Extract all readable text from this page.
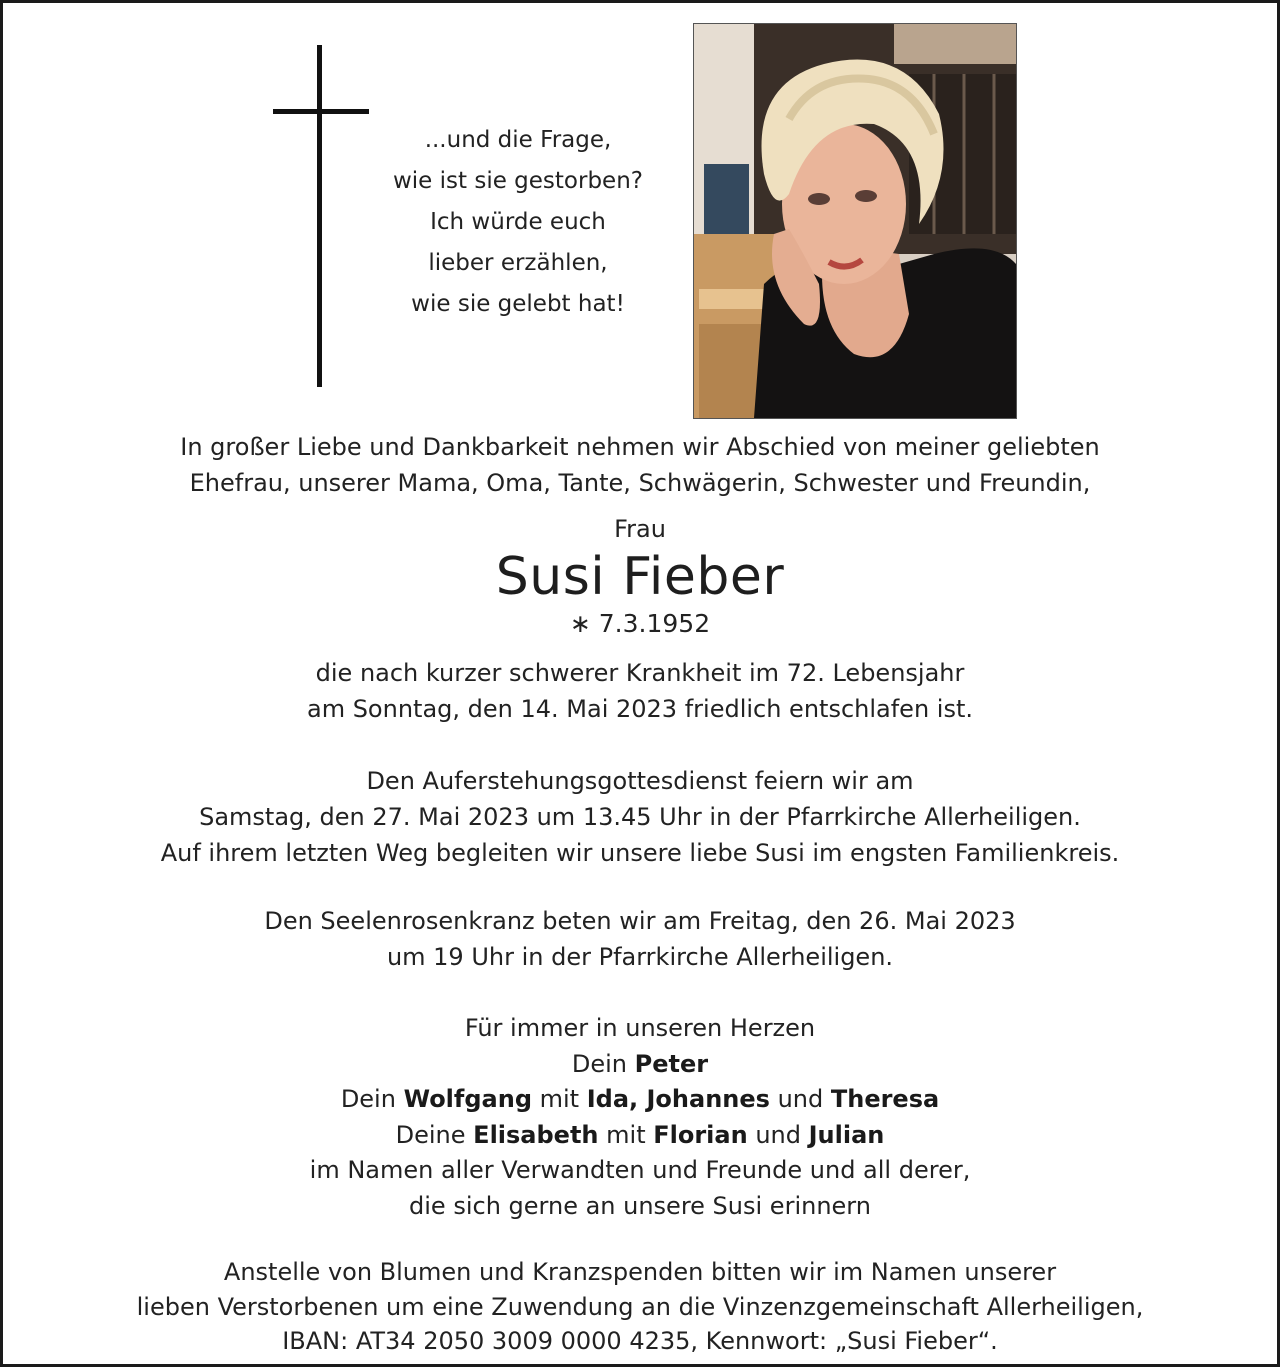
...und die Frage,
wie ist sie gestorben?
Ich würde euch
lieber erzählen,
wie sie gelebt hat!
In großer Liebe und Dankbarkeit nehmen wir Abschied von meiner geliebten
Ehefrau, unserer Mama, Oma, Tante, Schwägerin, Schwester und Freundin,
Frau
Susi Fieber
∗ 7.3.1952
die nach kurzer schwerer Krankheit im 72. Lebensjahr
am Sonntag, den 14. Mai 2023 friedlich entschlafen ist.
Den Auferstehungsgottesdienst feiern wir am
Samstag, den 27. Mai 2023 um 13.45 Uhr in der Pfarrkirche Allerheiligen.
Auf ihrem letzten Weg begleiten wir unsere liebe Susi im engsten Familienkreis.
Den Seelenrosenkranz beten wir am Freitag, den 26. Mai 2023
um 19 Uhr in der Pfarrkirche Allerheiligen.
Für immer in unseren Herzen
Dein Peter
Dein Wolfgang mit Ida, Johannes und Theresa
Deine Elisabeth mit Florian und Julian
im Namen aller Verwandten und Freunde und all derer,
die sich gerne an unsere Susi erinnern
Anstelle von Blumen und Kranzspenden bitten wir im Namen unserer
lieben Verstorbenen um eine Zuwendung an die Vinzenzgemeinschaft Allerheiligen,
IBAN: AT34 2050 3009 0000 4235, Kennwort: „Susi Fieber“.
